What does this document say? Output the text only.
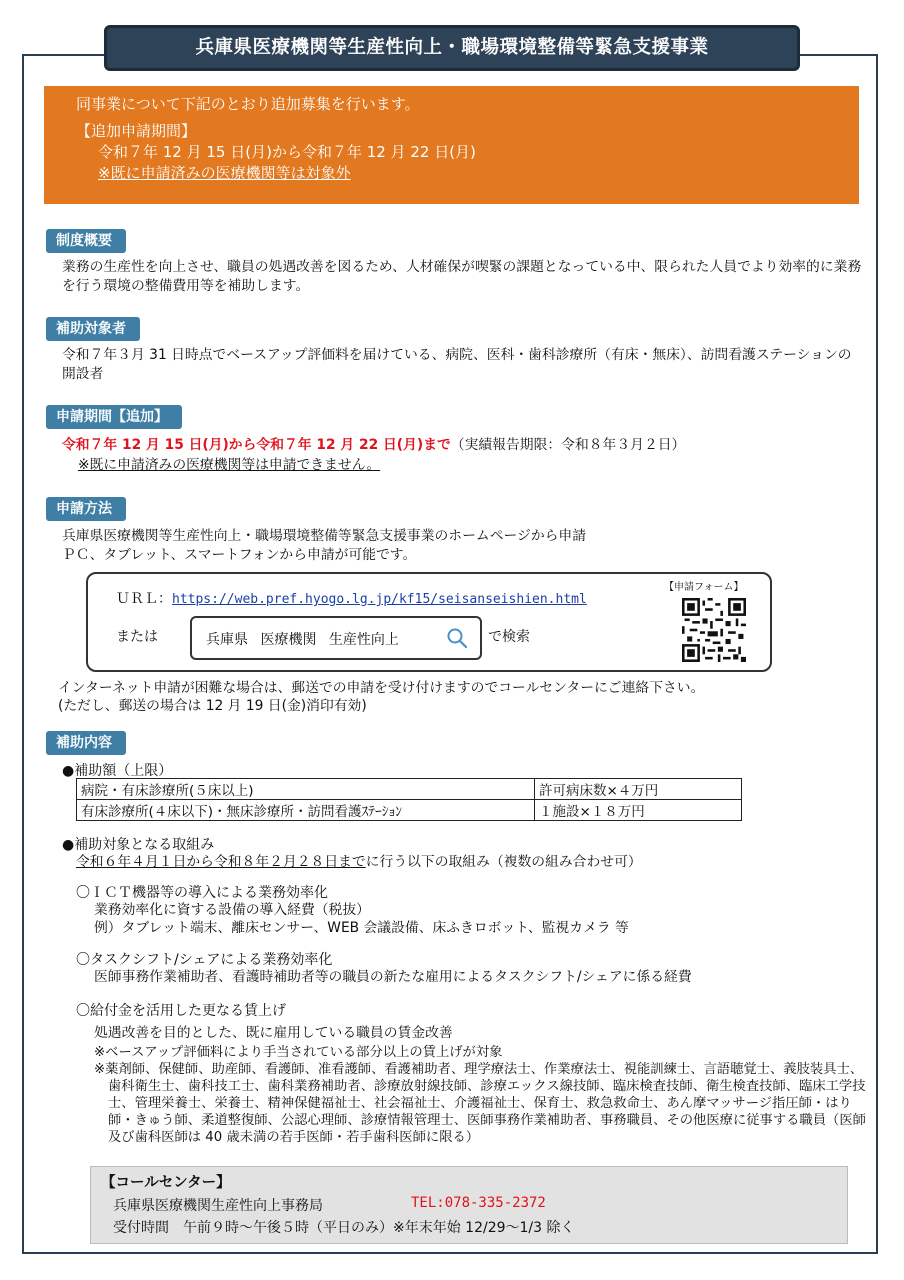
兵庫県医療機関等生産性向上・職場環境整備等緊急支援事業
同事業について下記のとおり追加募集を行います。
【追加申請期間】
令和７年 12 月 15 日(月)から令和７年 12 月 22 日(月)
※既に申請済みの医療機関等は対象外
制度概要
業務の生産性を向上させ、職員の処遇改善を図るため、人材確保が喫緊の課題となっている中、限られた人員でより効率的に業務を行う環境の整備費用等を補助します。
補助対象者
令和７年３月 31 日時点でベースアップ評価料を届けている、病院、医科・歯科診療所（有床・無床）、訪問看護ステーションの開設者
申請期間【追加】
令和７年 12 月 15 日(月)から令和７年 12 月 22 日(月)まで（実績報告期限：令和８年３月２日）
※既に申請済みの医療機関等は申請できません。
申請方法
兵庫県医療機関等生産性向上・職場環境整備等緊急支援事業のホームページから申請
ＰＣ、タブレット、スマートフォンから申請が可能です。
ＵＲＬ：https://web.pref.hyogo.lg.jp/kf15/seisanseishien.html
または	兵庫県 医療機関 生産性向上	で検索
【申請フォーム】
インターネット申請が困難な場合は、郵送での申請を受け付けますのでコールセンターにご連絡下さい。
(ただし、郵送の場合は 12 月 19 日(金)消印有効)
補助内容
●補助額（上限）
病院・有床診療所(５床以上)	許可病床数×４万円
有床診療所(４床以下)・無床診療所・訪問看護ｽﾃｰｼｮﾝ	１施設×１８万円
●補助対象となる取組み
令和６年４月１日から令和８年２月２８日までに行う以下の取組み（複数の組み合わせ可）
〇ＩＣＴ機器等の導入による業務効率化
業務効率化に資する設備の導入経費（税抜）
例）タブレット端末、離床センサー、WEB 会議設備、床ふきロボット、監視カメラ 等
〇タスクシフト/シェアによる業務効率化
医師事務作業補助者、看護時補助者等の職員の新たな雇用によるタスクシフト/シェアに係る経費
〇給付金を活用した更なる賃上げ
処遇改善を目的とした、既に雇用している職員の賃金改善
※ベースアップ評価料により手当されている部分以上の賃上げが対象
※薬剤師、保健師、助産師、看護師、准看護師、看護補助者、理学療法士、作業療法士、視能訓練士、言語聴覚士、義肢装具士、歯科衛生士、歯科技工士、歯科業務補助者、診療放射線技師、診療エックス線技師、臨床検査技師、衛生検査技師、臨床工学技士、管理栄養士、栄養士、精神保健福祉士、社会福祉士、介護福祉士、保育士、救急救命士、あん摩マッサージ指圧師・はり師・きゅう師、柔道整復師、公認心理師、診療情報管理士、医師事務作業補助者、事務職員、その他医療に従事する職員（医師及び歯科医師は 40 歳未満の若手医師・若手歯科医師に限る）
【コールセンター】
兵庫県医療機関生産性向上事務局	TEL:078-335-2372
受付時間　午前９時～午後５時（平日のみ）※年末年始 12/29～1/3 除く
